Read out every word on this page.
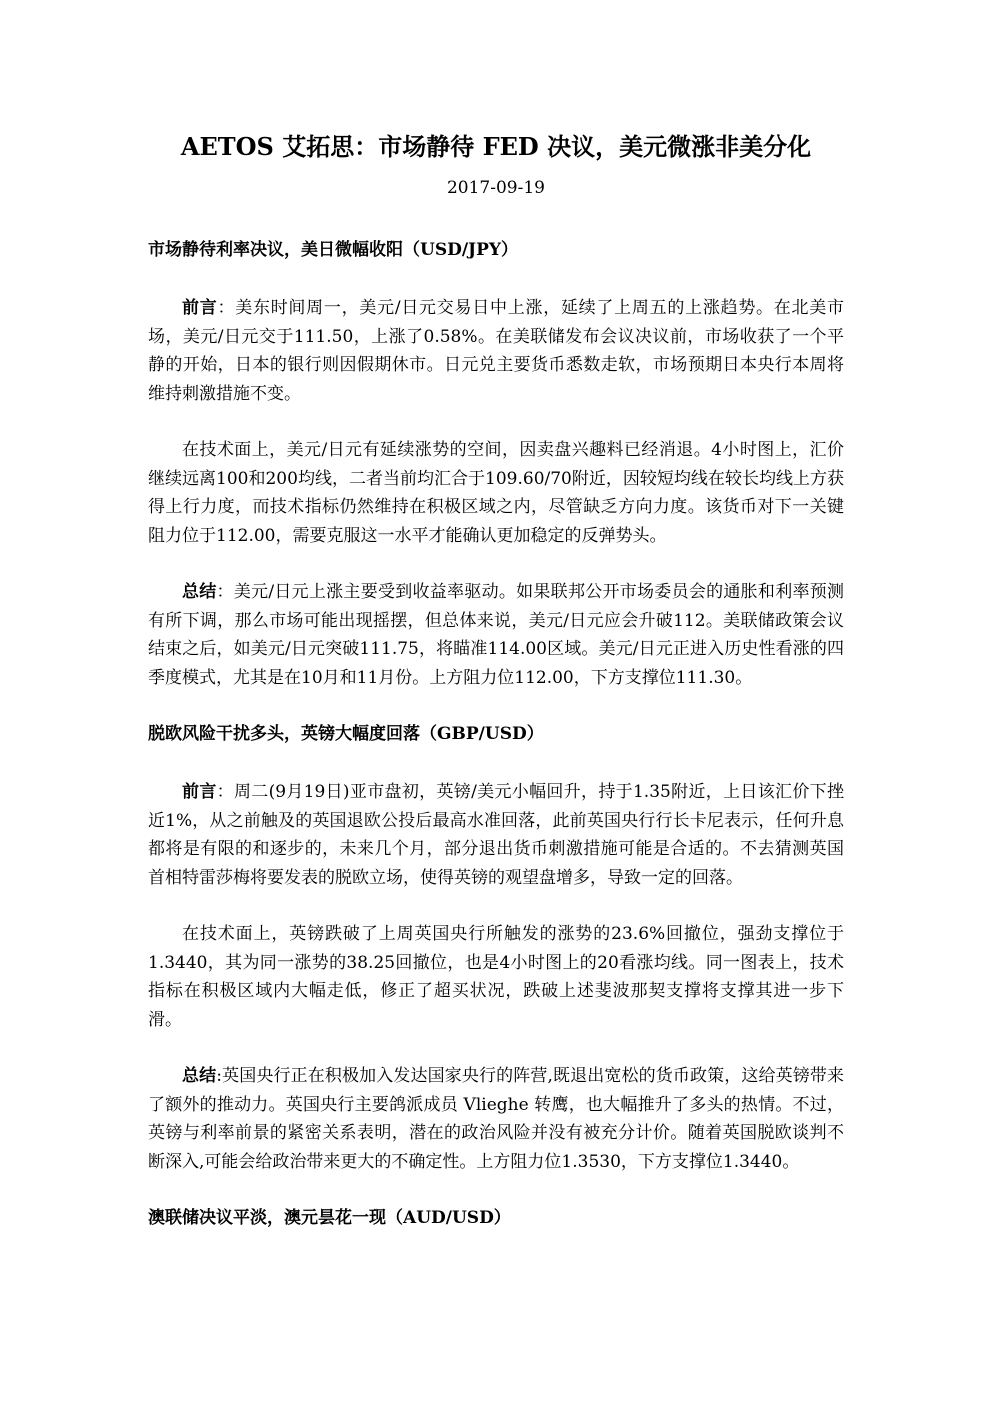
AETOS 艾拓思：市场静待 FED 决议，美元微涨非美分化
2017-09-19
市场静待利率决议，美日微幅收阳（USD/JPY）

前言：美东时间周一，美元/日元交易日中上涨，延续了上周五的上涨趋势。在北美市场，美元/日元交于111.50，上涨了0.58%。在美联储发布会议决议前，市场收获了一个平静的开始，日本的银行则因假期休市。日元兑主要货币悉数走软，市场预期日本央行本周将维持刺激措施不变。

在技术面上，美元/日元有延续涨势的空间，因卖盘兴趣料已经消退。4小时图上，汇价继续远离100和200均线，二者当前均汇合于109.60/70附近，因较短均线在较长均线上方获得上行力度，而技术指标仍然维持在积极区域之内，尽管缺乏方向力度。该货币对下一关键阻力位于112.00，需要克服这一水平才能确认更加稳定的反弹势头。

总结：美元/日元上涨主要受到收益率驱动。如果联邦公开市场委员会的通胀和利率预测有所下调，那么市场可能出现摇摆，但总体来说，美元/日元应会升破112。美联储政策会议结束之后，如美元/日元突破111.75，将瞄准114.00区域。美元/日元正进入历史性看涨的四季度模式，尤其是在10月和11月份。上方阻力位112.00，下方支撑位111.30。

脱欧风险干扰多头，英镑大幅度回落（GBP/USD）

前言：周二(9月19日)亚市盘初，英镑/美元小幅回升，持于1.35附近，上日该汇价下挫近1%，从之前触及的英国退欧公投后最高水准回落，此前英国央行行长卡尼表示，任何升息都将是有限的和逐步的，未来几个月，部分退出货币刺激措施可能是合适的。不去猜测英国首相特雷莎梅将要发表的脱欧立场，使得英镑的观望盘增多，导致一定的回落。

在技术面上，英镑跌破了上周英国央行所触发的涨势的23.6%回撤位，强劲支撑位于1.3440，其为同一涨势的38.25回撤位，也是4小时图上的20看涨均线。同一图表上，技术指标在积极区域内大幅走低，修正了超买状况，跌破上述斐波那契支撑将支撑其进一步下滑。

总结:英国央行正在积极加入发达国家央行的阵营,既退出宽松的货币政策，这给英镑带来了额外的推动力。英国央行主要鸽派成员 Vlieghe 转鹰，也大幅推升了多头的热情。不过，英镑与利率前景的紧密关系表明，潜在的政治风险并没有被充分计价。随着英国脱欧谈判不断深入,可能会给政治带来更大的不确定性。上方阻力位1.3530，下方支撑位1.3440。

澳联储决议平淡，澳元昙花一现（AUD/USD）
